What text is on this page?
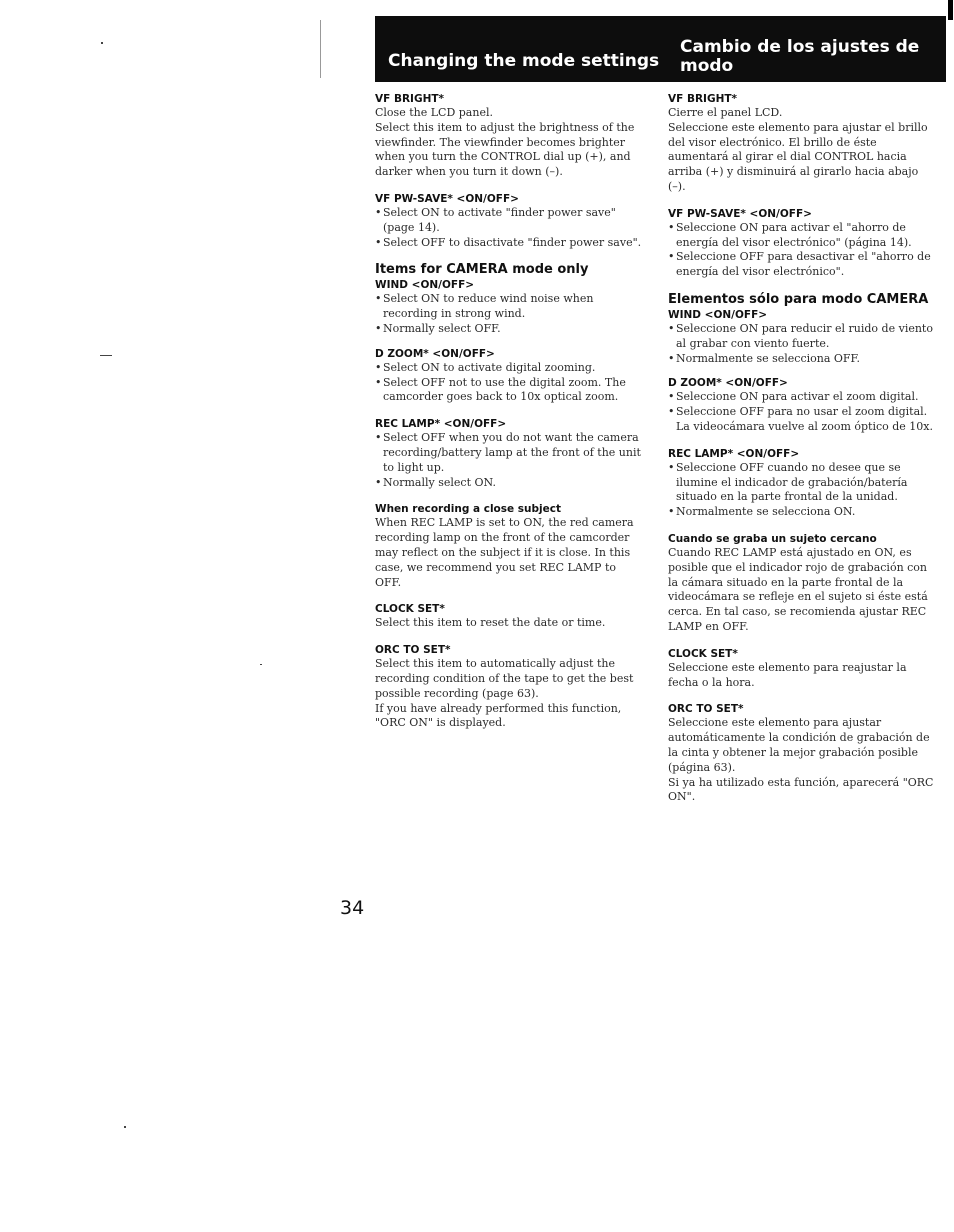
Changing the mode settings
Cambio de los ajustes de modo

VF BRIGHT*

Close the LCD panel.

Select this item to adjust the brightness of the viewfinder. The viewfinder becomes brighter when you turn the CONTROL dial up (+), and darker when you turn it down (–).

VF PW-SAVE* <ON/OFF>

• Select ON to activate "finder power save" (page 14).
• Select OFF to disactivate "finder power save".

Items for CAMERA mode only

WIND <ON/OFF>

• Select ON to reduce wind noise when recording in strong wind.
• Normally select OFF.

D ZOOM* <ON/OFF>

• Select ON to activate digital zooming.
• Select OFF not to use the digital zoom. The camcorder goes back to 10x optical zoom.

REC LAMP* <ON/OFF>

• Select OFF when you do not want the camera recording/battery lamp at the front of the unit to light up.
• Normally select ON.

When recording a close subject

When REC LAMP is set to ON, the red camera recording lamp on the front of the camcorder may reflect on the subject if it is close. In this case, we recommend you set REC LAMP to OFF.

CLOCK SET*

Select this item to reset the date or time.

ORC TO SET*

Select this item to automatically adjust the recording condition of the tape to get the best possible recording (page 63).

If you have already performed this function, "ORC ON" is displayed.

VF BRIGHT*

Cierre el panel LCD.

Seleccione este elemento para ajustar el brillo del visor electrónico. El brillo de éste aumentará al girar el dial CONTROL hacia arriba (+) y disminuirá al girarlo hacia abajo (–).

VF PW-SAVE* <ON/OFF>

• Seleccione ON para activar el "ahorro de energía del visor electrónico" (página 14).
• Seleccione OFF para desactivar el "ahorro de energía del visor electrónico".

Elementos sólo para modo CAMERA

WIND <ON/OFF>

• Seleccione ON para reducir el ruido de viento al grabar con viento fuerte.
• Normalmente se selecciona OFF.

D ZOOM* <ON/OFF>

• Seleccione ON para activar el zoom digital.
• Seleccione OFF para no usar el zoom digital. La videocámara vuelve al zoom óptico de 10x.

REC LAMP* <ON/OFF>

• Seleccione OFF cuando no desee que se ilumine el indicador de grabación/batería situado en la parte frontal de la unidad.
• Normalmente se selecciona ON.

Cuando se graba un sujeto cercano

Cuando REC LAMP está ajustado en ON, es posible que el indicador rojo de grabación con la cámara situado en la parte frontal de la videocámara se refleje en el sujeto si éste está cerca. En tal caso, se recomienda ajustar REC LAMP en OFF.

CLOCK SET*

Seleccione este elemento para reajustar la fecha o la hora.

ORC TO SET*

Seleccione este elemento para ajustar automáticamente la condición de grabación de la cinta y obtener la mejor grabación posible (página 63).

Si ya ha utilizado esta función, aparecerá "ORC ON".

34
